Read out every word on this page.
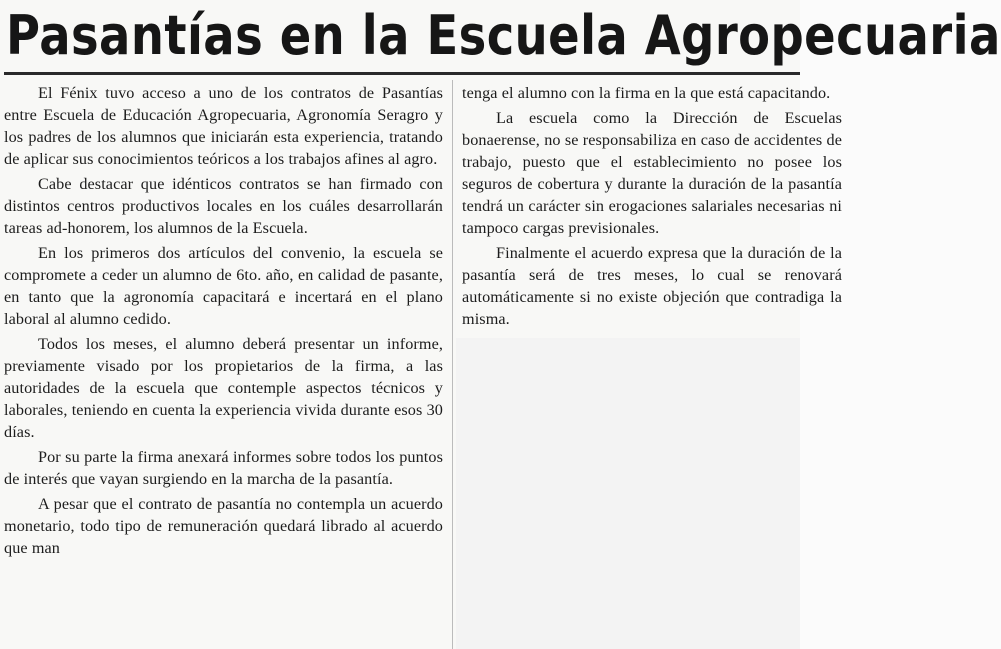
Pasantías en la Escuela Agropecuaria

El Fénix tuvo acceso a uno de los contratos de Pasantías entre Escuela de Educación Agropecuaria, Agronomía Seragro y los padres de los alumnos que iniciarán esta experiencia, tratando de aplicar sus conocimientos teóricos a los trabajos afines al agro.

Cabe destacar que idénticos contratos se han firmado con distintos centros productivos locales en los cuáles desarrollarán tareas ad-honorem, los alumnos de la Escuela.

En los primeros dos artículos del convenio, la escuela se compromete a ceder un alumno de 6to. año, en calidad de pasante, en tanto que la agronomía capacitará e incertará en el plano laboral al alumno cedido.

Todos los meses, el alumno deberá presentar un informe, previamente visado por los propietarios de la firma, a las autoridades de la escuela que contemple aspectos técnicos y laborales, teniendo en cuenta la experiencia vivida durante esos 30 días.

Por su parte la firma anexará informes sobre todos los puntos de interés que vayan surgiendo en la marcha de la pasantía.

A pesar que el contrato de pasantía no contempla un acuerdo monetario, todo tipo de remuneración quedará librado al acuerdo que man

tenga el alumno con la firma en la que está capacitando.

La escuela como la Dirección de Escuelas bonaerense, no se responsabiliza en caso de accidentes de trabajo, puesto que el establecimiento no posee los seguros de cobertura y durante la duración de la pasantía tendrá un carácter sin erogaciones salariales necesarias ni tampoco cargas previsionales.

Finalmente el acuerdo expresa que la duración de la pasantía será de tres meses, lo cual se renovará automáticamente si no existe objeción que contradiga la misma.
